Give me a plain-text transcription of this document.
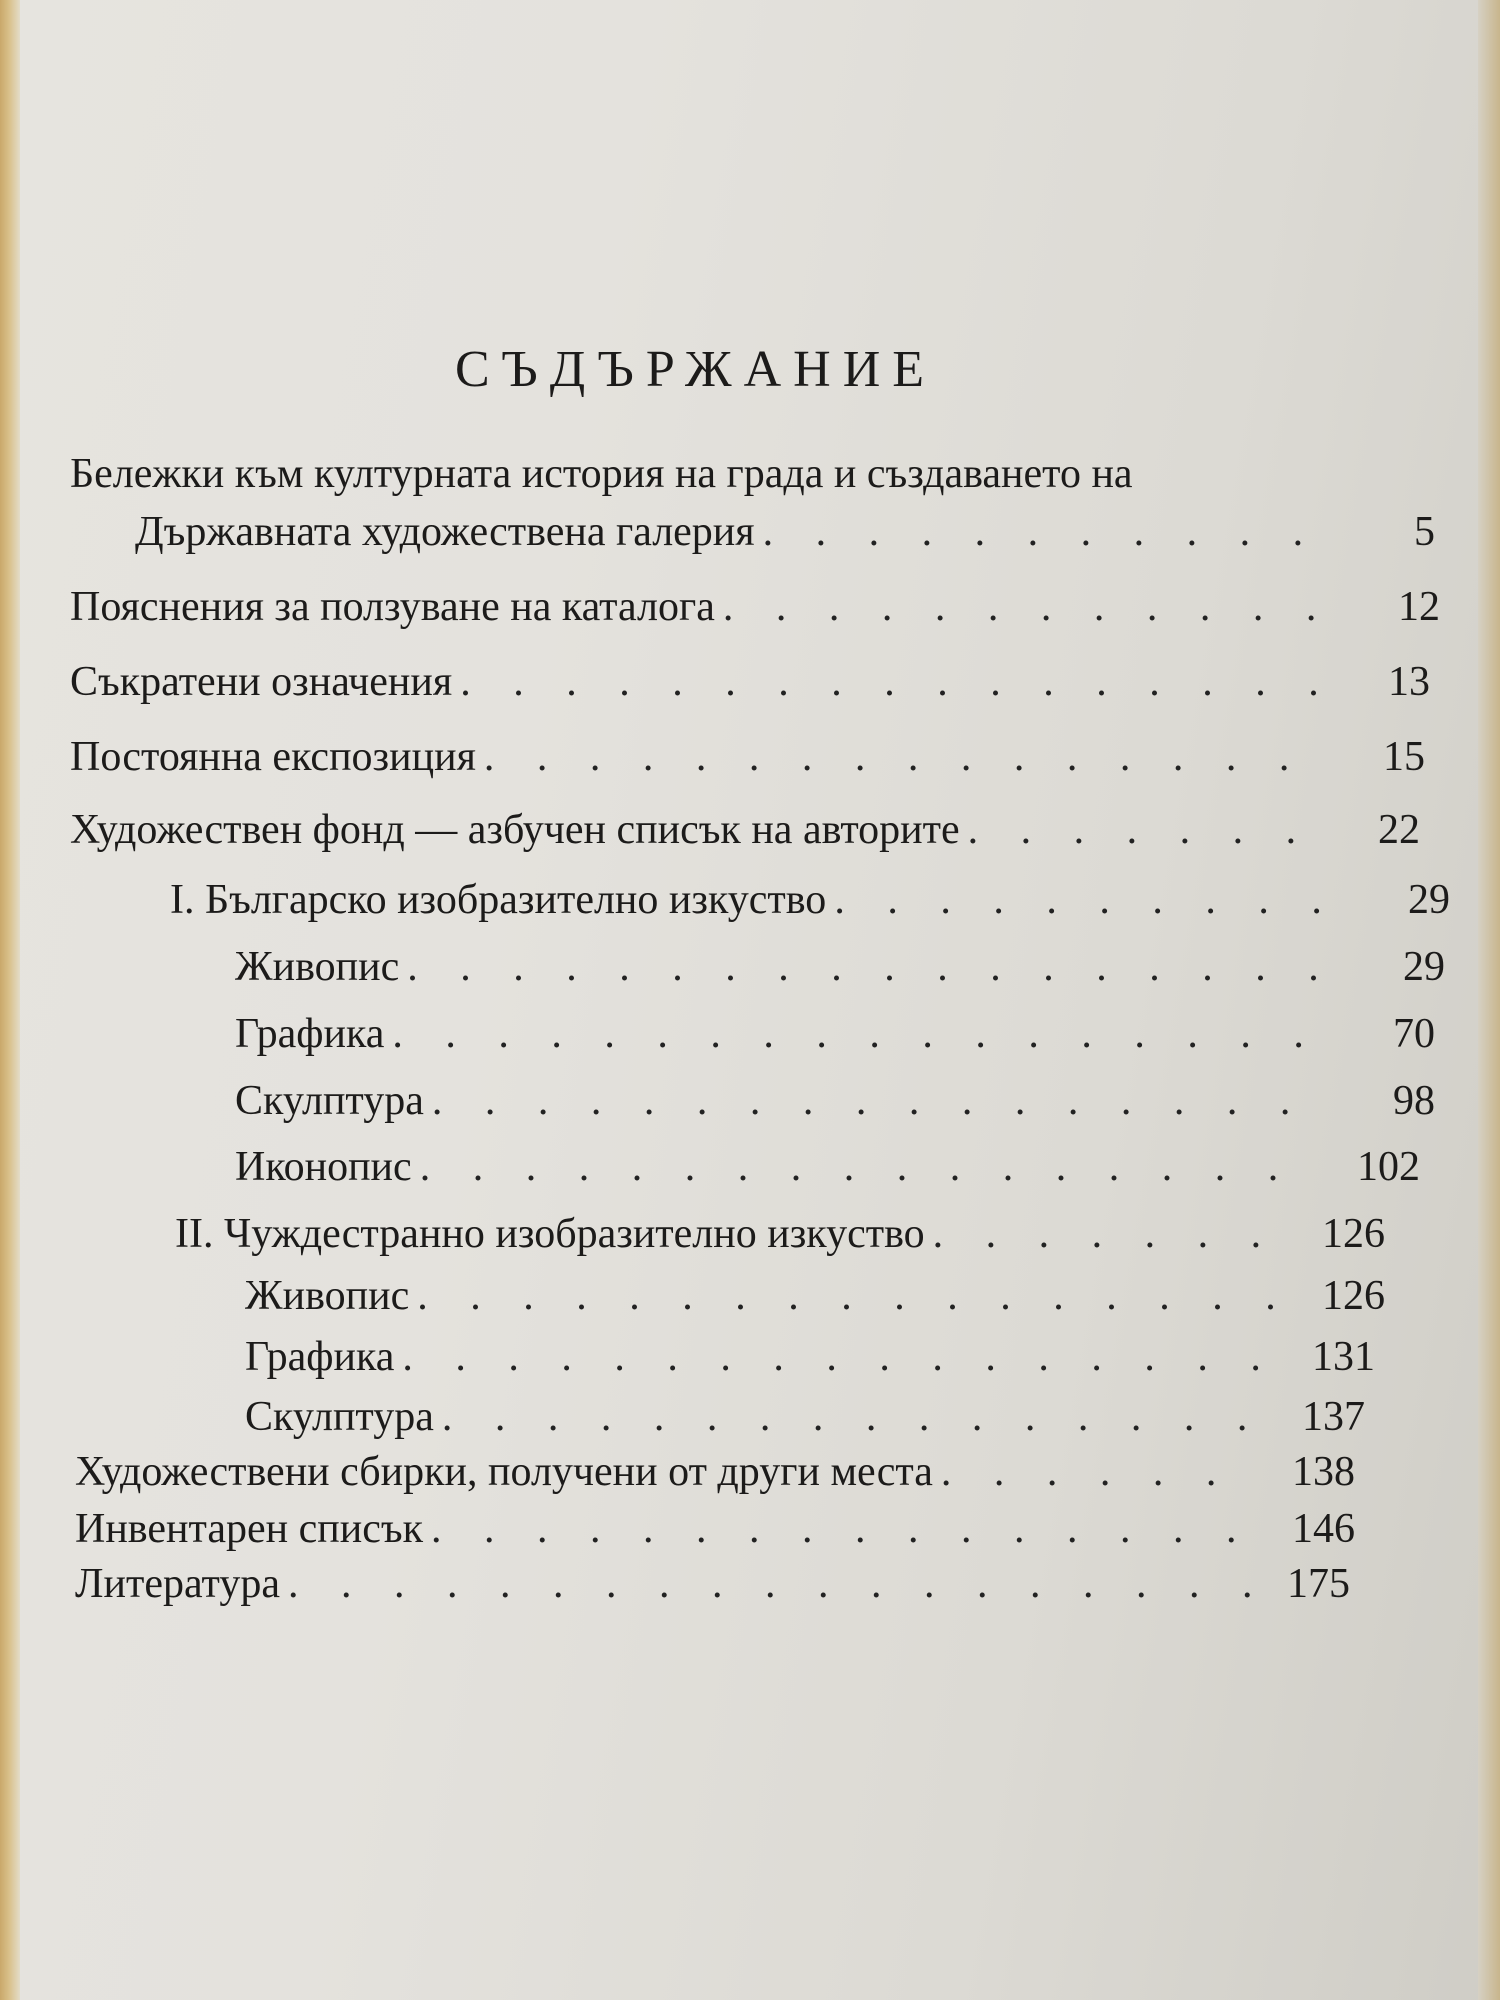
СЪДЪРЖАНИЕ
Бележки към културната история на града и създаването на
Държавната художествена галерия . . .	5
Пояснения за ползуване на каталога . . .	12
Съкратени означения . . .	13
Постоянна експозиция . . .	15
Художествен фонд — азбучен списък на авторите . . .	22
I. Българско изобразително изкуство . . .	29
Живопис . . .	29
Графика . . .	70
Скулптура . . .	98
Иконопис . . .	102
II. Чуждестранно изобразително изкуство . . .	126
Живопис . . .	126
Графика . . .	131
Скулптура . . .	137
Художествени сбирки, получени от други места . . .	138
Инвентарен списък . . .	146
Литература . . .	175
